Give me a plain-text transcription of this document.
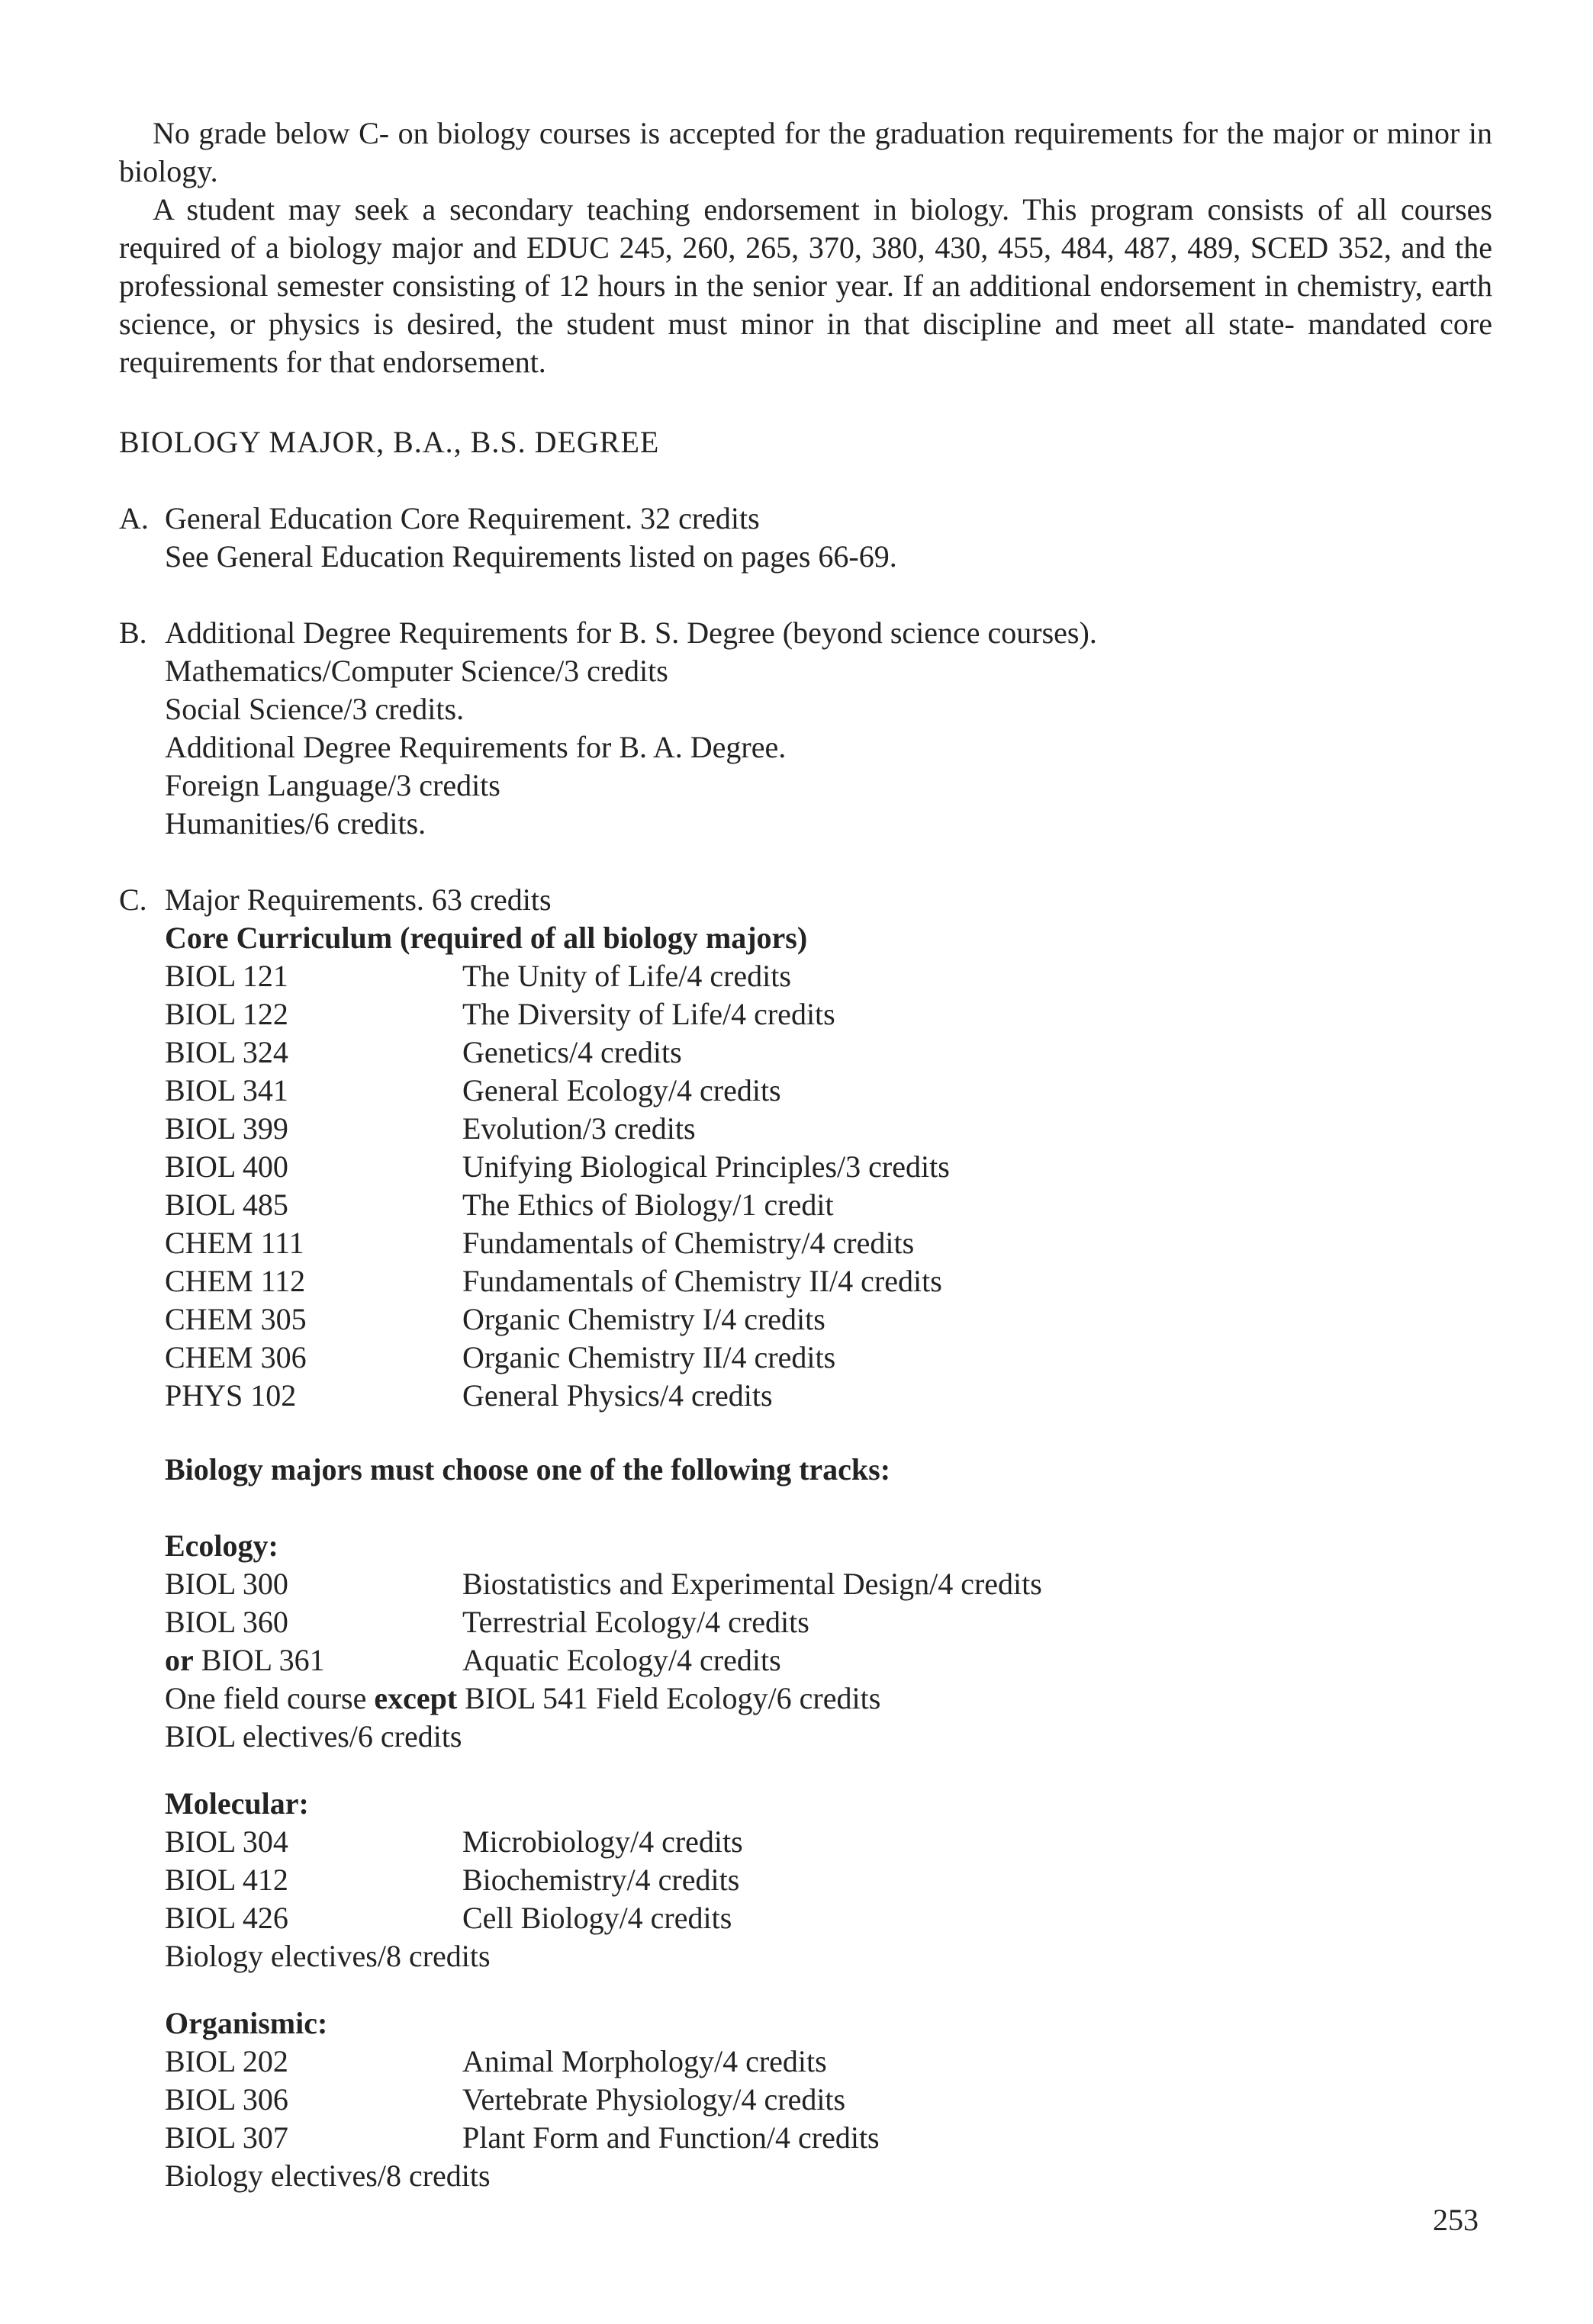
No grade below C- on biology courses is accepted for the graduation requirements for the major or minor in biology.

A student may seek a secondary teaching endorsement in biology. This program consists of all courses required of a biology major and EDUC 245, 260, 265, 370, 380, 430, 455, 484, 487, 489, SCED 352, and the professional semester consisting of 12 hours in the senior year. If an additional endorsement in chemistry, earth science, or physics is desired, the student must minor in that discipline and meet all state- mandated core requirements for that endorsement.

BIOLOGY MAJOR, B.A., B.S. DEGREE
A. General Education Core Requirement. 32 credits
See General Education Requirements listed on pages 66-69.
B. Additional Degree Requirements for B. S. Degree (beyond science courses).
Mathematics/Computer Science/3 credits
Social Science/3 credits.
Additional Degree Requirements for B. A. Degree.
Foreign Language/3 credits
Humanities/6 credits.
C. Major Requirements. 63 credits
Core Curriculum (required of all biology majors)
BIOL 121	The Unity of Life/4 credits
BIOL 122	The Diversity of Life/4 credits
BIOL 324	Genetics/4 credits
BIOL 341	General Ecology/4 credits
BIOL 399	Evolution/3 credits
BIOL 400	Unifying Biological Principles/3 credits
BIOL 485	The Ethics of Biology/1 credit
CHEM 111	Fundamentals of Chemistry/4 credits
CHEM 112	Fundamentals of Chemistry II/4 credits
CHEM 305	Organic Chemistry I/4 credits
CHEM 306	Organic Chemistry II/4 credits
PHYS 102	General Physics/4 credits
Biology majors must choose one of the following tracks:
Ecology:
BIOL 300	Biostatistics and Experimental Design/4 credits
BIOL 360	Terrestrial Ecology/4 credits
or BIOL 361	Aquatic Ecology/4 credits
One field course except BIOL 541 Field Ecology/6 credits
BIOL electives/6 credits
Molecular:
BIOL 304	Microbiology/4 credits
BIOL 412	Biochemistry/4 credits
BIOL 426	Cell Biology/4 credits
Biology electives/8 credits
Organismic:
BIOL 202	Animal Morphology/4 credits
BIOL 306	Vertebrate Physiology/4 credits
BIOL 307	Plant Form and Function/4 credits
Biology electives/8 credits
253
